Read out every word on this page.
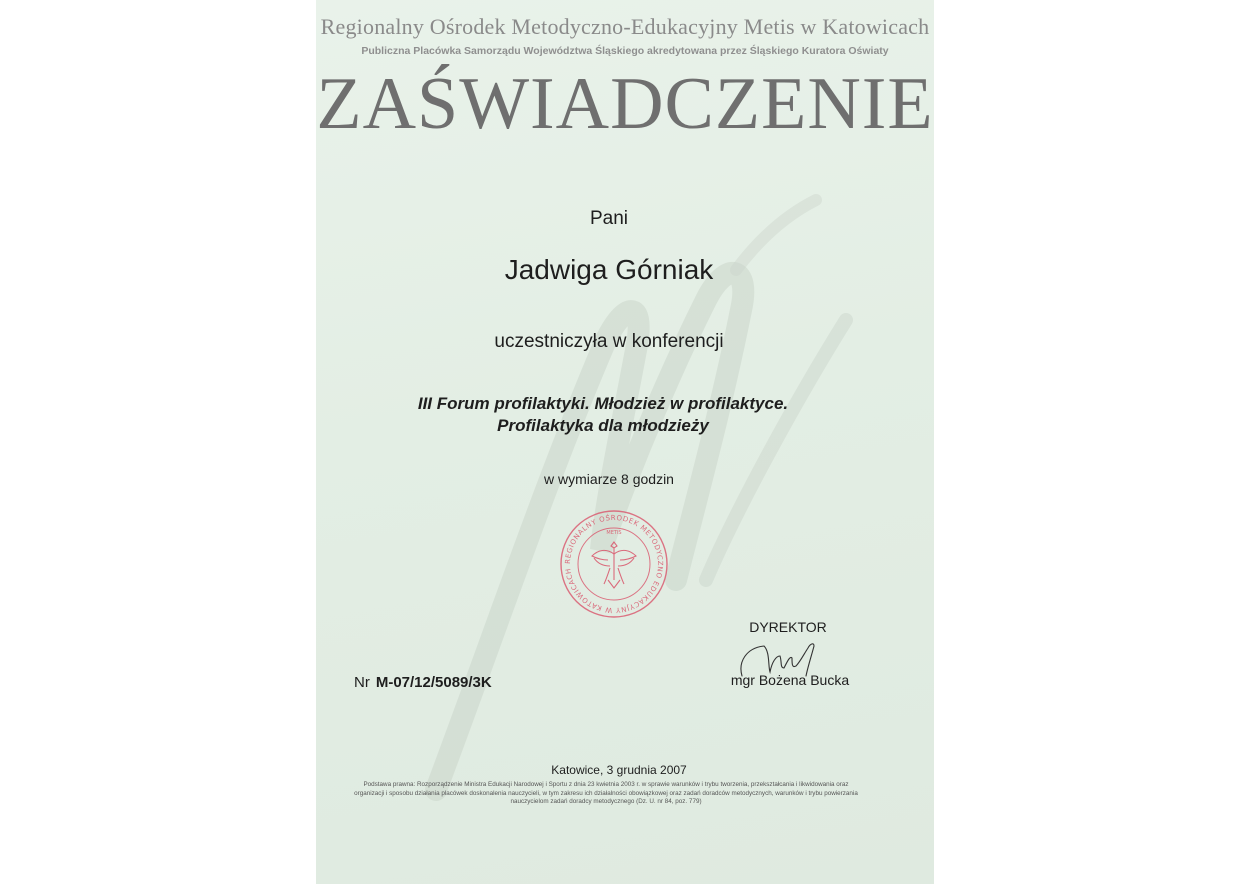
Regionalny Ośrodek Metodyczno-Edukacyjny Metis w Katowicach
Publiczna Placówka Samorządu Województwa Śląskiego akredytowana przez Śląskiego Kuratora Oświaty
ZAŚWIADCZENIE
Pani
Jadwiga Górniak
uczestniczyła w konferencji
III Forum profilaktyki. Młodzież w profilaktyce. Profilaktyka dla młodzieży
w wymiarze 8 godzin
REGIONALNY OŚRODEK METODYCZNO EDUKACYJNY W KATOWICACH
METIS
DYREKTOR
mgr Bożena Bucka
Nr M-07/12/5089/3K
Katowice, 3 grudnia 2007
Podstawa prawna: Rozporządzenie Ministra Edukacji Narodowej i Sportu z dnia 23 kwietnia 2003 r. w sprawie warunków i trybu tworzenia, przekształcania i likwidowania oraz organizacji i sposobu działania placówek doskonalenia nauczycieli, w tym zakresu ich działalności obowiązkowej oraz zadań doradców metodycznych, warunków i trybu powierzania nauczycielom zadań doradcy metodycznego (Dz. U. nr 84, poz. 779)
